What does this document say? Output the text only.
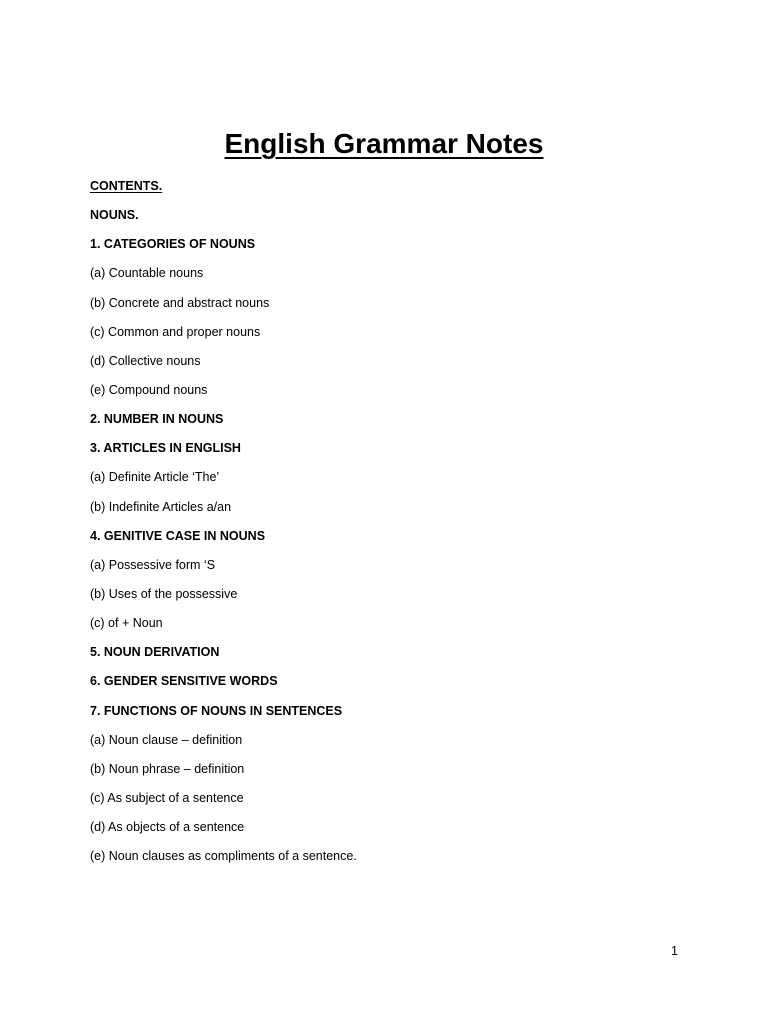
English Grammar Notes
CONTENTS.
NOUNS.
1. CATEGORIES OF NOUNS
(a) Countable nouns
(b) Concrete and abstract nouns
(c) Common and proper nouns
(d) Collective nouns
(e) Compound nouns
2. NUMBER IN NOUNS
3. ARTICLES IN ENGLISH
(a) Definite Article ‘The’
(b) Indefinite Articles a/an
4. GENITIVE CASE IN NOUNS
(a) Possessive form ‘S
(b) Uses of the possessive
(c) of + Noun
5. NOUN DERIVATION
6. GENDER SENSITIVE WORDS
7. FUNCTIONS OF NOUNS IN SENTENCES
(a) Noun clause – definition
(b) Noun phrase – definition
(c) As subject of a sentence
(d) As objects of a sentence
(e) Noun clauses as compliments of a sentence.
1
